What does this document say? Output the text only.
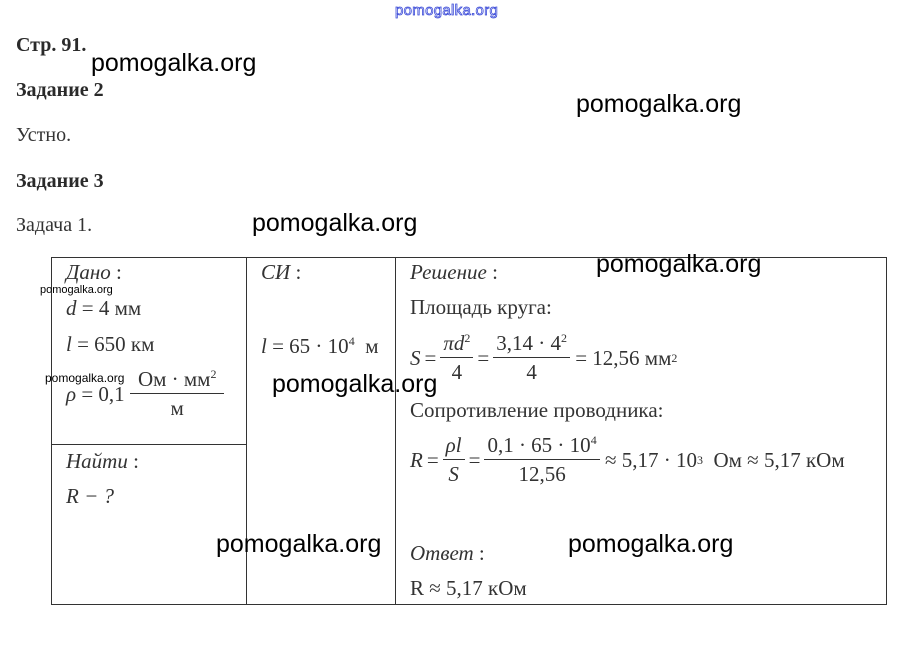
pomogalka.org
Стр. 91.
Задание 2
Устно.
Задание 3
Задача 1.
Дано :
d = 4 мм
l = 650 км
ρ
= 0,1
$\frac{Ом \cdot мм^2}{м}$
Найти :
R − ?
СИ :
$l = 65 \cdot 10^4$ м
Решение :
Площадь круга:
$S = \frac{\pi d^2}{4} = \frac{3,14 \cdot 4^2}{4}$
= 12,56 мм 2
Сопротивление проводника:
$R = \frac{\rho l}{S} = \frac{0,1 \cdot 65 \cdot 10^4}{12,56}$
≈ 5,17 · 10 3
Ом ≈ 5,17 кОм
Ответ :
R ≈ 5,17 кОм
pomogalka.org
pomogalka.org
pomogalka.org
pomogalka.org
pomogalka.org
pomogalka.org	pomogalka.org
pomogalka.org
pomogalka.org
